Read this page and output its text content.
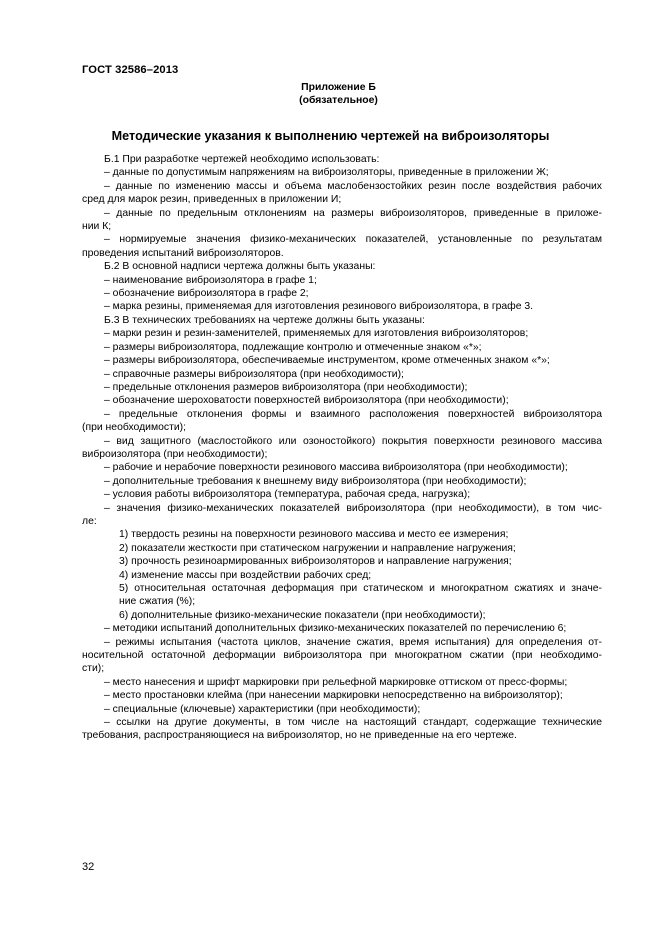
ГОСТ 32586–2013
Приложение Б
(обязательное)
Методические указания к выполнению чертежей на виброизоляторы

Б.1 При разработке чертежей необходимо использовать:

– данные по допустимым напряжениям на виброизоляторы, приведенные в приложении Ж;

– данные по изменению массы и объема маслобензостойких резин после воздействия рабочих

сред для марок резин, приведенных в приложении И;

– данные по предельным отклонениям на размеры виброизоляторов, приведенные в приложе-

нии К;

– нормируемые значения физико-механических показателей, установленные по результатам

проведения испытаний виброизоляторов.

Б.2 В основной надписи чертежа должны быть указаны:

– наименование виброизолятора в графе 1;

– обозначение виброизолятора в графе 2;

– марка резины, применяемая для изготовления резинового виброизолятора, в графе 3.

Б.3 В технических требованиях на чертеже должны быть указаны:

– марки резин и резин-заменителей, применяемых для изготовления виброизоляторов;

– размеры виброизолятора, подлежащие контролю и отмеченные знаком «*»;

– размеры виброизолятора, обеспечиваемые инструментом, кроме отмеченных знаком «*»;

– справочные размеры виброизолятора (при необходимости);

– предельные отклонения размеров виброизолятора (при необходимости);

– обозначение шероховатости поверхностей виброизолятора (при необходимости);

– предельные отклонения формы и взаимного расположения поверхностей виброизолятора

(при необходимости);

– вид защитного (маслостойкого или озоностойкого) покрытия поверхности резинового массива

виброизолятора (при необходимости);

– рабочие и нерабочие поверхности резинового массива виброизолятора (при необходимости);

– дополнительные требования к внешнему виду виброизолятора (при необходимости);

– условия работы виброизолятора (температура, рабочая среда, нагрузка);

– значения физико-механических показателей виброизолятора (при необходимости), в том чис-

ле:

1) твердость резины на поверхности резинового массива и место ее измерения;

2) показатели жесткости при статическом нагружении и направление нагружения;

3) прочность резиноармированных виброизоляторов и направление нагружения;

4) изменение массы при воздействии рабочих сред;

5) относительная остаточная деформация при статическом и многократном сжатиях и значе-

ние сжатия (%);

6) дополнительные физико-механические показатели (при необходимости);

– методики испытаний дополнительных физико-механических показателей по перечислению 6;

– режимы испытания (частота циклов, значение сжатия, время испытания) для определения от-

носительной остаточной деформации виброизолятора при многократном сжатии (при необходимо-

сти);

– место нанесения и шрифт маркировки при рельефной маркировке оттиском от пресс-формы;

– место простановки клейма (при нанесении маркировки непосредственно на виброизолятор);

– специальные (ключевые) характеристики (при необходимости);

– ссылки на другие документы, в том числе на настоящий стандарт, содержащие технические

требования, распространяющиеся на виброизолятор, но не приведенные на его чертеже.

32
